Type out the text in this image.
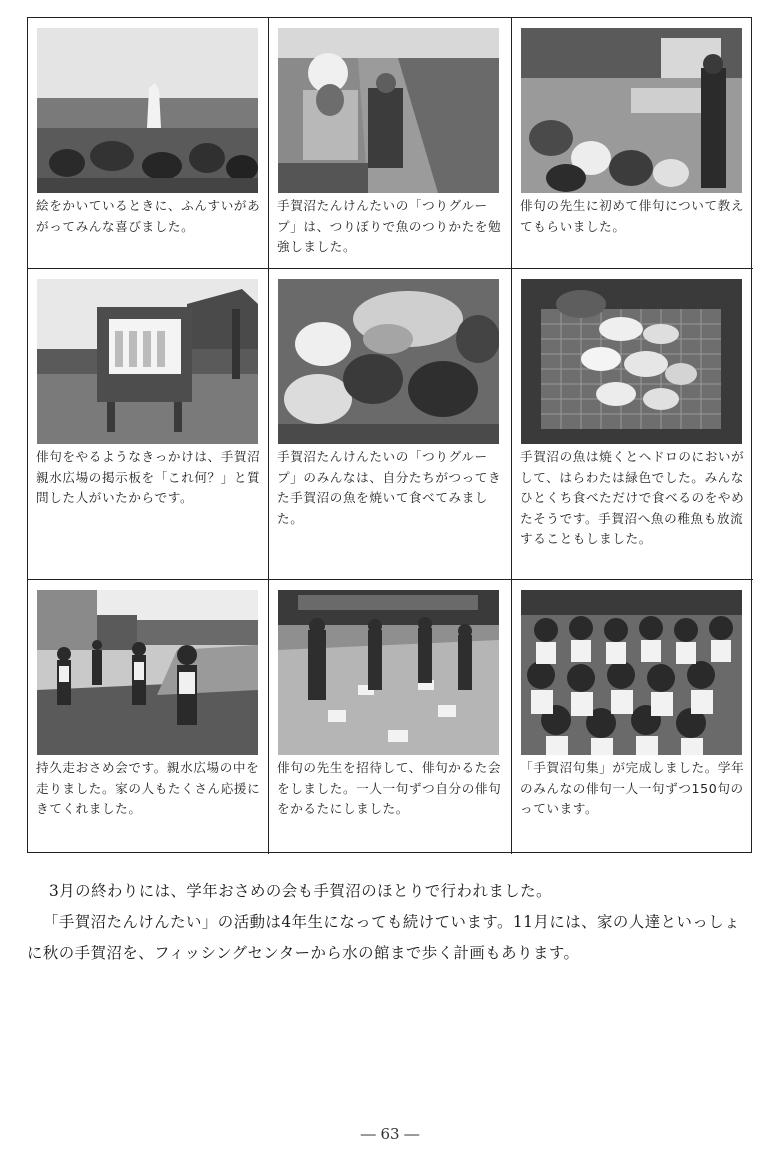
絵をかいているときに、ふんすいがあがってみんな喜びました。
手賀沼たんけんたいの「つりグループ」は、つりぼりで魚のつりかたを勉強しました。
俳句の先生に初めて俳句について教えてもらいました。
俳句をやるようなきっかけは、手賀沼親水広場の掲示板を「これ何？」と質問した人がいたからです。
手賀沼たんけんたいの「つりグループ」のみんなは、自分たちがつってきた手賀沼の魚を焼いて食べてみました。
手賀沼の魚は焼くとヘドロのにおいがして、はらわたは緑色でした。みんなひとくち食べただけで食べるのをやめたそうです。手賀沼へ魚の稚魚も放流することもしました。
持久走おさめ会です。親水広場の中を走りました。家の人もたくさん応援にきてくれました。
俳句の先生を招待して、俳句かるた会をしました。一人一句ずつ自分の俳句をかるたにしました。
「手賀沼句集」が完成しました。学年のみんなの俳句一人一句ずつ150句のっています。
3月の終わりには、学年おさめの会も手賀沼のほとりで行われました。
「手賀沼たんけんたい」の活動は4年生になっても続けています。11月には、家の人達といっしょに秋の手賀沼を、フィッシングセンターから水の館まで歩く計画もあります。
― 63 ―
